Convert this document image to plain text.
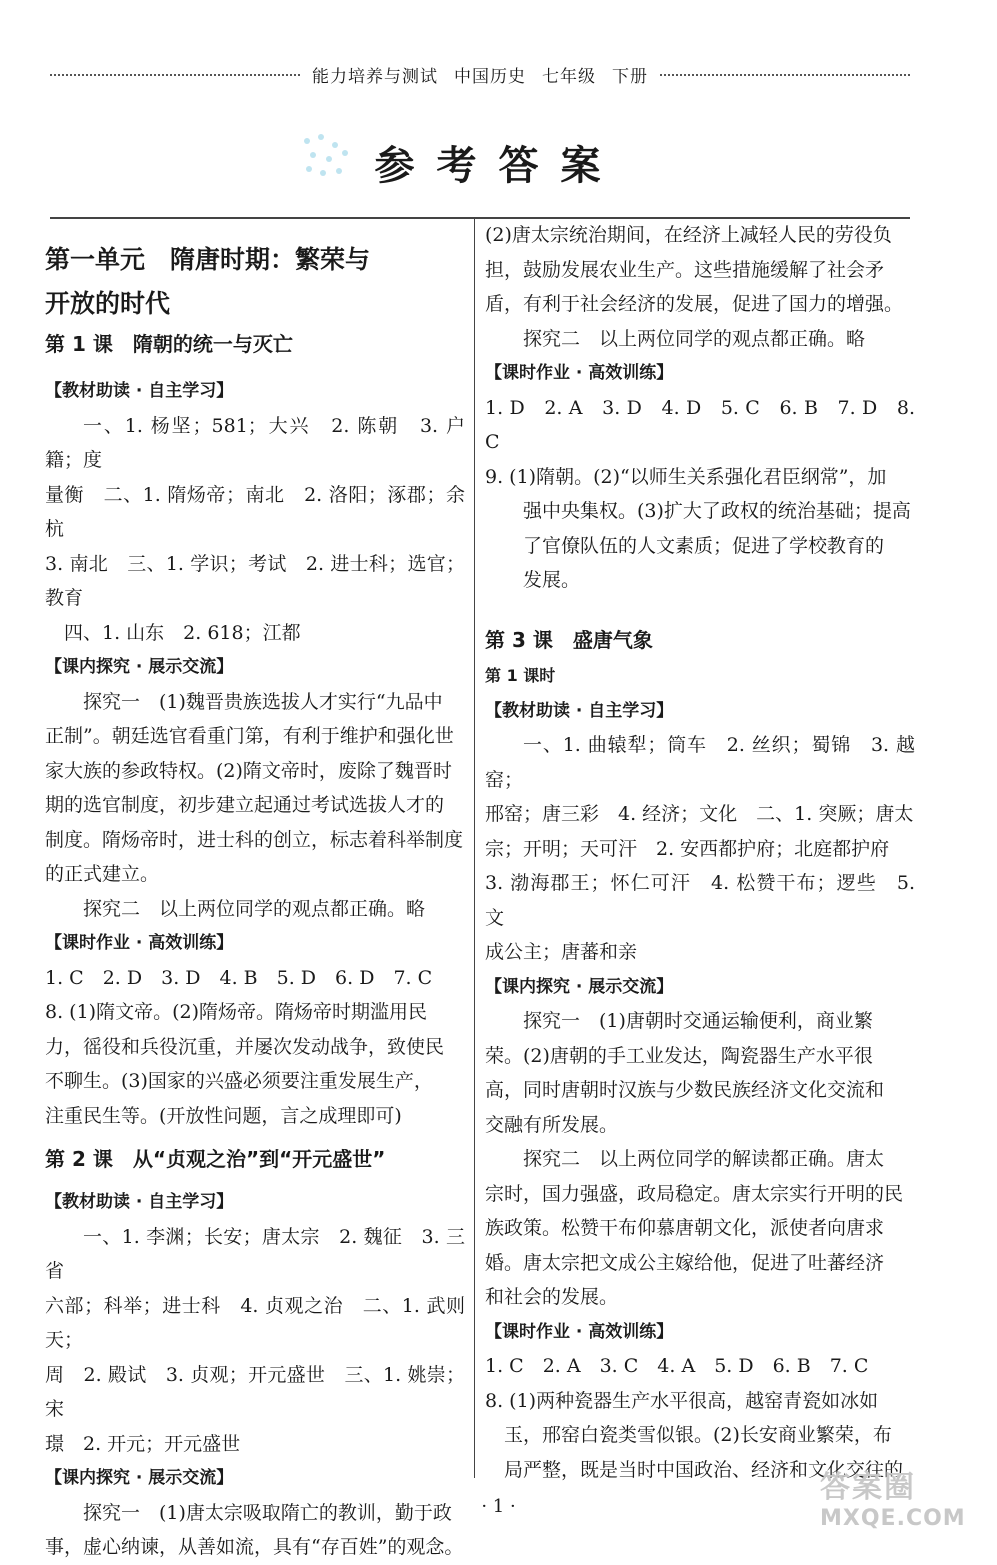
能力培养与测试 中国历史 七年级 下册
参考答案

第一单元　隋唐时期：繁荣与

开放的时代

第 1 课　隋朝的统一与灭亡

【教材助读 · 自主学习】

一、1. 杨坚；581；大兴　2. 陈朝　3. 户籍；度

量衡　二、1. 隋炀帝；南北　2. 洛阳；涿郡；余杭

3. 南北　三、1. 学识；考试　2. 进士科；选官；教育

　四、1. 山东　2. 618；江都

【课内探究 · 展示交流】

探究一　(1)魏晋贵族选拔人才实行“九品中

正制”。朝廷选官看重门第，有利于维护和强化世

家大族的参政特权。(2)隋文帝时，废除了魏晋时

期的选官制度，初步建立起通过考试选拔人才的

制度。隋炀帝时，进士科的创立，标志着科举制度

的正式建立。

探究二　以上两位同学的观点都正确。略

【课时作业 · 高效训练】

1. C　2. D　3. D　4. B　5. D　6. D　7. C

8. (1)隋文帝。(2)隋炀帝。隋炀帝时期滥用民

力，徭役和兵役沉重，并屡次发动战争，致使民

不聊生。(3)国家的兴盛必须要注重发展生产，

注重民生等。(开放性问题，言之成理即可)

第 2 课　从“贞观之治”到“开元盛世”

【教材助读 · 自主学习】

一、1. 李渊；长安；唐太宗　2. 魏征　3. 三省

六部；科举；进士科　4. 贞观之治　二、1. 武则天；

周　2. 殿试　3. 贞观；开元盛世　三、1. 姚崇；宋

璟　2. 开元；开元盛世

【课内探究 · 展示交流】

探究一　(1)唐太宗吸取隋亡的教训，勤于政

事，虚心纳谏，从善如流，具有“存百姓”的观念。

(2)唐太宗统治期间，在经济上减轻人民的劳役负

担，鼓励发展农业生产。这些措施缓解了社会矛

盾，有利于社会经济的发展，促进了国力的增强。

探究二　以上两位同学的观点都正确。略

【课时作业 · 高效训练】

1. D　2. A　3. D　4. D　5. C　6. B　7. D　8. C

9. (1)隋朝。(2)“以师生关系强化君臣纲常”，加

强中央集权。(3)扩大了政权的统治基础；提高

了官僚队伍的人文素质；促进了学校教育的

发展。

第 3 课　盛唐气象

第 1 课时

【教材助读 · 自主学习】

一、1. 曲辕犁；筒车　2. 丝织；蜀锦　3. 越窑；

邢窑；唐三彩　4. 经济；文化　二、1. 突厥；唐太

宗；开明；天可汗　2. 安西都护府；北庭都护府

3. 渤海郡王；怀仁可汗　4. 松赞干布；逻些　5. 文

成公主；唐蕃和亲

【课内探究 · 展示交流】

探究一　(1)唐朝时交通运输便利，商业繁

荣。(2)唐朝的手工业发达，陶瓷器生产水平很

高，同时唐朝时汉族与少数民族经济文化交流和

交融有所发展。

探究二　以上两位同学的解读都正确。唐太

宗时，国力强盛，政局稳定。唐太宗实行开明的民

族政策。松赞干布仰慕唐朝文化，派使者向唐求

婚。唐太宗把文成公主嫁给他，促进了吐蕃经济

和社会的发展。

【课时作业 · 高效训练】

1. C　2. A　3. C　4. A　5. D　6. B　7. C

8. (1)两种瓷器生产水平很高，越窑青瓷如冰如

　玉，邢窑白瓷类雪似银。(2)长安商业繁荣，布

　局严整，既是当时中国政治、经济和文化交往的

· 1 ·
答案圈
MXQE.COM
